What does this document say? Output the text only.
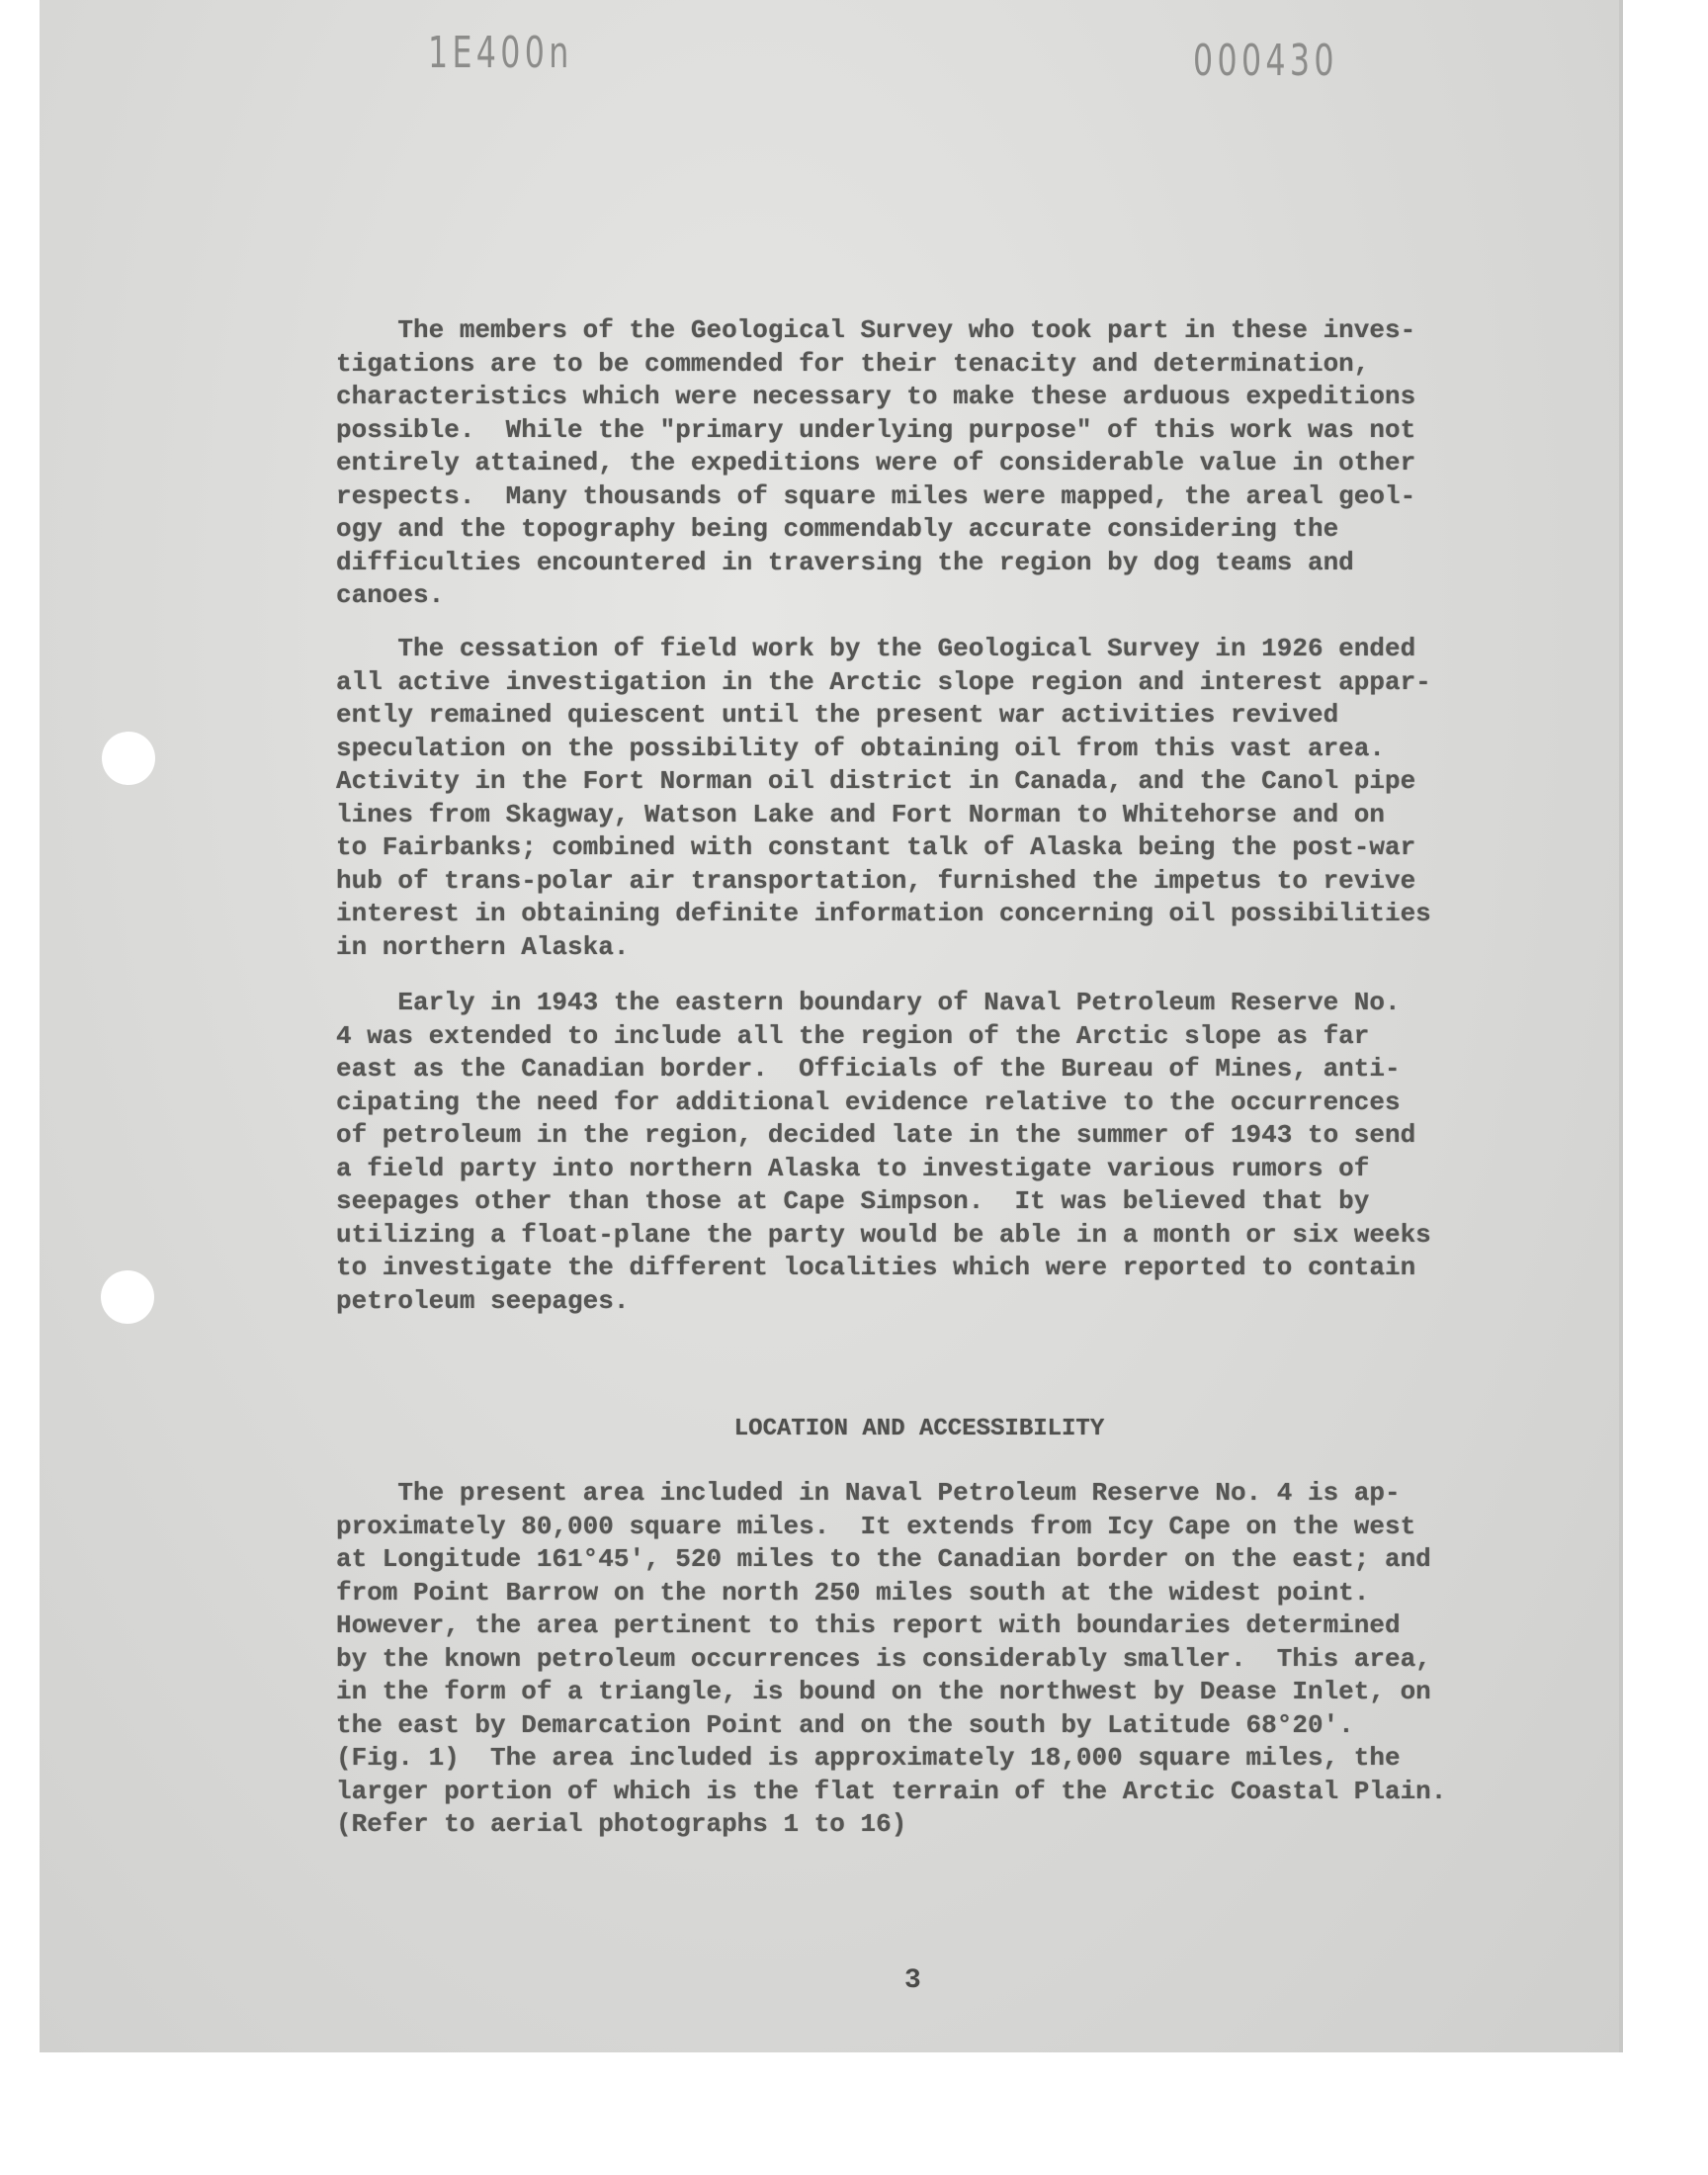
1E400n	000430
The members of the Geological Survey who took part in these inves-
tigations are to be commended for their tenacity and determination,
characteristics which were necessary to make these arduous expeditions
possible.  While the "primary underlying purpose" of this work was not
entirely attained, the expeditions were of considerable value in other
respects.  Many thousands of square miles were mapped, the areal geol-
ogy and the topography being commendably accurate considering the
difficulties encountered in traversing the region by dog teams and
canoes.
The cessation of field work by the Geological Survey in 1926 ended
all active investigation in the Arctic slope region and interest appar-
ently remained quiescent until the present war activities revived
speculation on the possibility of obtaining oil from this vast area.
Activity in the Fort Norman oil district in Canada, and the Canol pipe
lines from Skagway, Watson Lake and Fort Norman to Whitehorse and on
to Fairbanks; combined with constant talk of Alaska being the post-war
hub of trans-polar air transportation, furnished the impetus to revive
interest in obtaining definite information concerning oil possibilities
in northern Alaska.
Early in 1943 the eastern boundary of Naval Petroleum Reserve No.
4 was extended to include all the region of the Arctic slope as far
east as the Canadian border.  Officials of the Bureau of Mines, anti-
cipating the need for additional evidence relative to the occurrences
of petroleum in the region, decided late in the summer of 1943 to send
a field party into northern Alaska to investigate various rumors of
seepages other than those at Cape Simpson.  It was believed that by
utilizing a float-plane the party would be able in a month or six weeks
to investigate the different localities which were reported to contain
petroleum seepages.
LOCATION AND ACCESSIBILITY
The present area included in Naval Petroleum Reserve No. 4 is ap-
proximately 80,000 square miles.  It extends from Icy Cape on the west
at Longitude 161°45', 520 miles to the Canadian border on the east; and
from Point Barrow on the north 250 miles south at the widest point.
However, the area pertinent to this report with boundaries determined
by the known petroleum occurrences is considerably smaller.  This area,
in the form of a triangle, is bound on the northwest by Dease Inlet, on
the east by Demarcation Point and on the south by Latitude 68°20'.
(Fig. 1)  The area included is approximately 18,000 square miles, the
larger portion of which is the flat terrain of the Arctic Coastal Plain.
(Refer to aerial photographs 1 to 16)
3
